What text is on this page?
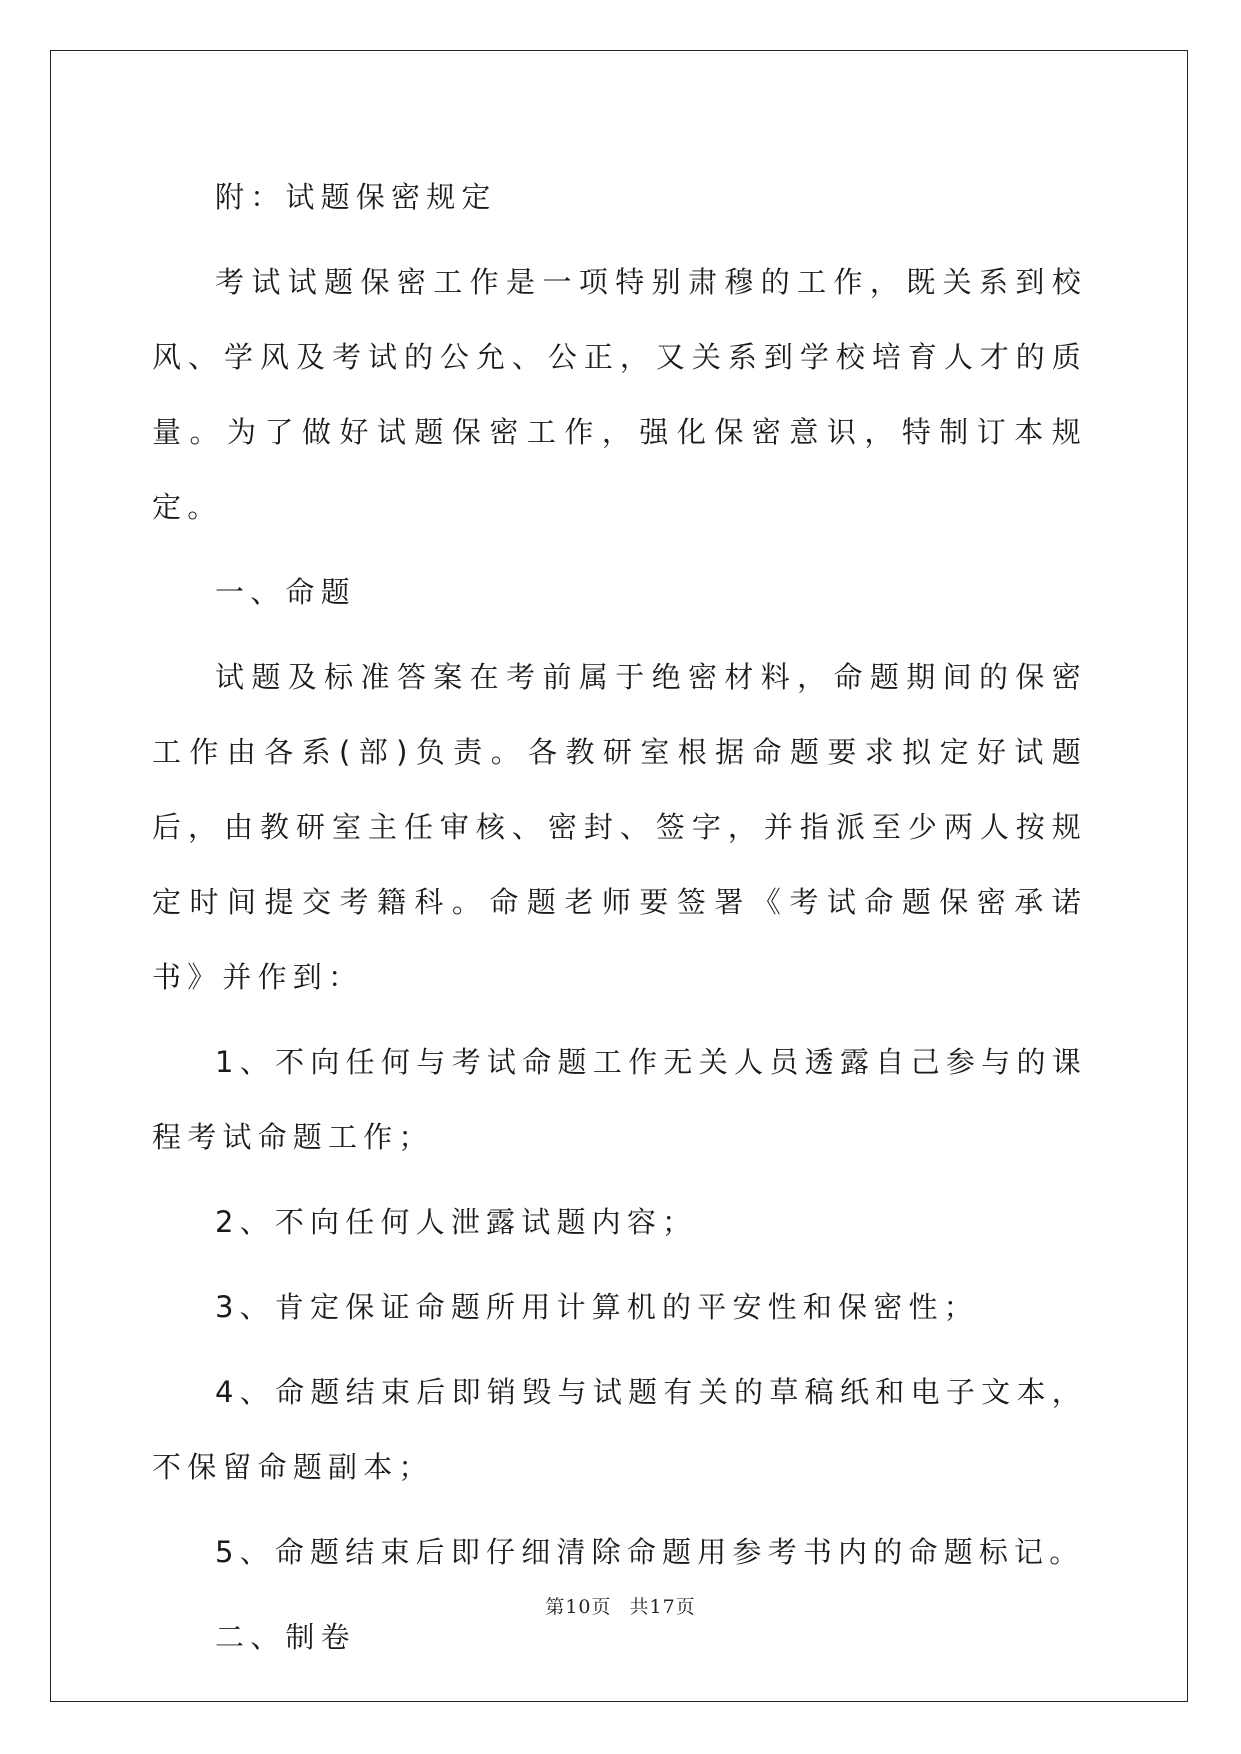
附：试题保密规定

考试试题保密工作是一项特别肃穆的工作，既关系到校风、学风及考试的公允、公正，又关系到学校培育人才的质量。为了做好试题保密工作，强化保密意识，特制订本规定。

一、命题

试题及标准答案在考前属于绝密材料，命题期间的保密工作由各系(部)负责。各教研室根据命题要求拟定好试题后，由教研室主任审核、密封、签字，并指派至少两人按规定时间提交考籍科。命题老师要签署《考试命题保密承诺书》并作到：

1、不向任何与考试命题工作无关人员透露自己参与的课程考试命题工作；

2、不向任何人泄露试题内容；

3、肯定保证命题所用计算机的平安性和保密性；

4、命题结束后即销毁与试题有关的草稿纸和电子文本，不保留命题副本；

5、命题结束后即仔细清除命题用参考书内的命题标记。

二、制卷

第10页 共17页
